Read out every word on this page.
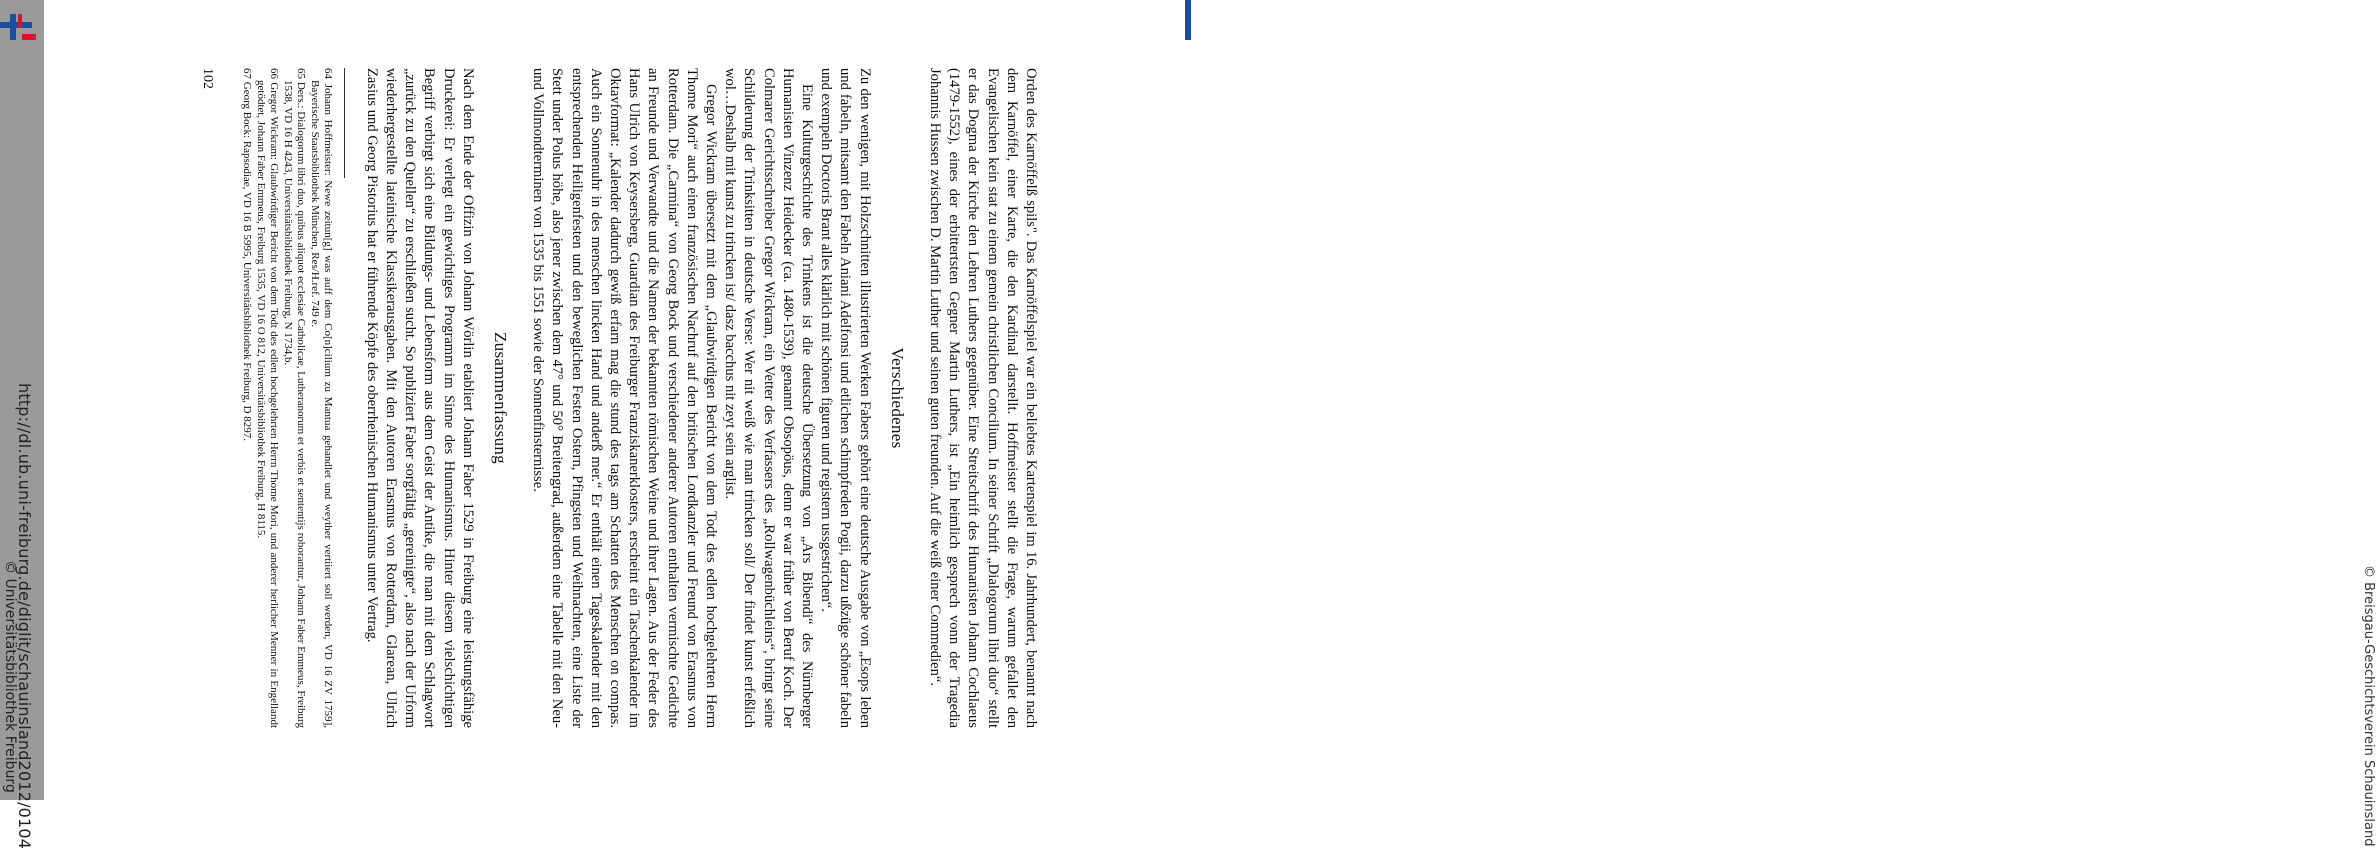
http://dl.ub.uni-freiburg.de/diglit/schauinsland2012/0104
© Universitätsbibliothek Freiburg	© Breisgau-Geschichtsverein Schauinsland

Orden des Karnöffelß spils". Das Karnöffelspiel war ein beliebtes Kartenspiel im 16. Jahrhundert, benannt nach dem Karnöffel, einer Karte, die den Kardinal darstellt. Hoffmeister stellt die Frage, warum gefallet den Evangelischen kein stat zu einem gemein christlichen Concilium. In seiner Schrift „Dialogorum libri duo“ stellt er das Dogma der Kirche den Lehren Luthers gegenüber. Eine Streitschrift des Humanisten Johann Cochlaeus (1479-1552), eines der erbittertsten Gegner Martin Luthers, ist „Ein heimlich gesprech vonn der Tragedia Johannis Hussen zwischen D. Martin Luther und seinen guten freunden. Auf die weiß einer Commedien“.

Verschiedenes

Zu den wenigen, mit Holzschnitten illustrierten Werken Fabers gehört eine deutsche Ausgabe von „Esops leben und fabeln, mitsamt den Fabeln Aniani Adelfonsi und etlichen schimpfreden Pogii, darzu ußzüge schöner fabeln und exempeln Doctoris Brant alles klärlich mit schönen figuren und registern ussgestrichen“.

Eine Kulturgeschichte des Trinkens ist die deutsche Übersetzung von „Ars Bibendi“ des Nürnberger Humanisten Vinzenz Heidecker (ca. 1480-1539), genannt Obsopöus, denn er war früher von Beruf Koch. Der Colmarer Gerichtsschreiber Gregor Wickram, ein Vetter des Verfassers des „Rollwagenbüchleins“, bringt seine Schilderung der Trinksitten in deutsche Verse: Wer nit weiß wie man trincken soll/ Der findet kunst erfeßlich wol…Deshalb mit kunst zu trincken ist/ dasz bacchus nit zeyt sein arglist.

Gregor Wickram übersetzt mit dem „Glaubwirdigen Bericht von dem Todt des edlen hochgelehrten Herrn Thome Mori“ auch einen französischen Nachruf auf den britischen Lordkanzler und Freund von Erasmus von Rotterdam. Die „Carmina“ von Georg Bock und verschiedener anderer Autoren enthalten vermischte Gedichte an Freunde und Verwandte und die Namen der bekannten römischen Weine und ihrer Lagen. Aus der Feder des Hans Ulrich von Keysersberg, Guardian des Freiburger Franziskanerklosters, erscheint ein Taschenkalender im Oktavformat: „Kalender dadurch gewiß erfarn mag die stund des tags am Schatten des Menschen on compas. Auch ein Sonnenuhr in des menschen lincken Hand und anderß mer.“ Er enthält einen Tageskalender mit den entsprechenden Heiligenfesten und den beweglichen Festen Ostern, Pfingsten und Weihnachten, eine Liste der Stett under Polus höhe, also jener zwischen dem 47° und 50° Breitengrad, außerdem eine Tabelle mit den Neu- und Vollmondterminen von 1535 bis 1551 sowie der Sonnenfinsternisse.

Zusammenfassung

Nach dem Ende der Offizin von Johann Wörlin etabliert Johann Faber 1529 in Freiburg eine leistungsfähige Druckerei: Er verlegt ein gewichtiges Programm im Sinne des Humanismus. Hinter diesem vielschichtigen Begriff verbirgt sich eine Bildungs- und Lebensform aus dem Geist der Antike, die man mit dem Schlagwort „zurück zu den Quellen“ zu erschließen sucht. So publiziert Faber sorgfältig „gereinigte“, also nach der Urform wiederhergestellte lateinische Klassikerausgaben. Mit den Autoren Erasmus von Rotterdam, Glarean, Ulrich Zasius und Georg Pistorius hat er führende Köpfe des oberrheinischen Humanismus unter Vertrag.

64 Johann Hoffmeister: Newe zeitun[g] was auff dem Co[n]cilium zu Mantua gehandlet und weyther vertiiert soll werden, VD 16 ZV 1759], Bayerische Staatsbibliothek München, Res/H.ref. 749 e.

65 Ders.: Dialogorum libri duo, quibus aliquot ecclesiae Catholicae, Lutheranorum et verbis et sententijs roborantur, Johann Faber Emmeus, Freiburg 1538, VD 16 H 4243, Universitätsbibliothek Freiburg, N 1734,b.

66 Gregor Wickram: Glaubwirdiger Bericht von dem Todt des edlen hochgelehrten Herrn Thome Mori, und anderer herlicher Menner in Engellandt getödtet, Johann Faber Emmeus, Freiburg 1535, VD 16 O 812, Universitätsbibliothek Freiburg, H 8115.

67 Georg Bock: Rapsodiae, VD 16 B 5995, Universitätsbibliothek Freiburg, D 8297.

102
